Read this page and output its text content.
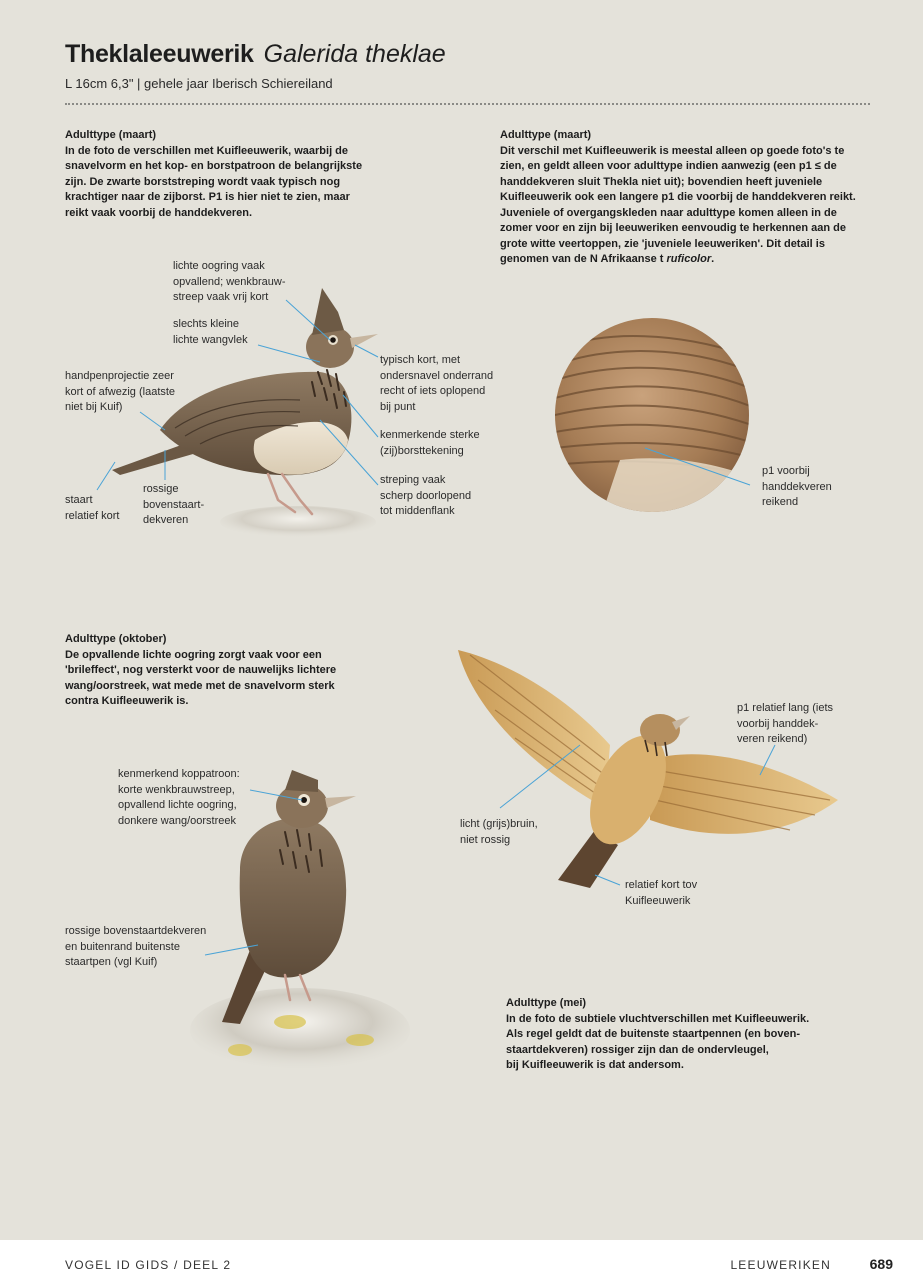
Theklaleeuwerik Galerida theklae
L 16cm 6,3" | gehele jaar Iberisch Schiereiland
Adulttype (maart)
In de foto de verschillen met Kuifleeuwerik, waarbij de
snavelvorm en het kop- en borstpatroon de belangrijkste
zijn. De zwarte borststreping wordt vaak typisch nog
krachtiger naar de zijborst. P1 is hier niet te zien, maar
reikt vaak voorbij de handdekveren.
Adulttype (maart)
Dit verschil met Kuifleeuwerik is meestal alleen op goede foto's te
zien, en geldt alleen voor adulttype indien aanwezig (een p1 ≤ de
handdekveren sluit Thekla niet uit); bovendien heeft juveniele
Kuifleeuwerik ook een langere p1 die voorbij de handdekveren reikt.
Juveniele of overgangskleden naar adulttype komen alleen in de
zomer voor en zijn bij leeuweriken eenvoudig te herkennen aan de
grote witte veertoppen, zie 'juveniele leeuweriken'. Dit detail is
genomen van de N Afrikaanse t ruficolor.
Adulttype (oktober)
De opvallende lichte oogring zorgt vaak voor een
'brileffect', nog versterkt voor de nauwelijks lichtere
wang/oorstreek, wat mede met de snavelvorm sterk
contra Kuifleeuwerik is.
Adulttype (mei)
In de foto de subtiele vluchtverschillen met Kuifleeuwerik.
Als regel geldt dat de buitenste staartpennen (en boven-
staartdekveren) rossiger zijn dan de ondervleugel,
bij Kuifleeuwerik is dat andersom.
lichte oogring vaak
opvallend; wenkbrauw-
streep vaak vrij kort
slechts kleine
lichte wangvlek
handpenprojectie zeer
kort of afwezig (laatste
niet bij Kuif)
typisch kort, met
ondersnavel onderrand
recht of iets oplopend
bij punt
kenmerkende sterke
(zij)borsttekening
streping vaak
scherp doorlopend
tot middenflank
staart
relatief kort
rossige
bovenstaart-
dekveren
p1 voorbij
handdekveren
reikend
kenmerkend koppatroon:
korte wenkbrauwstreep,
opvallend lichte oogring,
donkere wang/oorstreek
rossige bovenstaartdekveren
en buitenrand buitenste
staartpen (vgl Kuif)
p1 relatief lang (iets
voorbij handdek-
veren reikend)
licht (grijs)bruin,
niet rossig
relatief kort tov
Kuifleeuwerik
VOGEL ID GIDS / DEEL 2	LEEUWERIKEN	689
